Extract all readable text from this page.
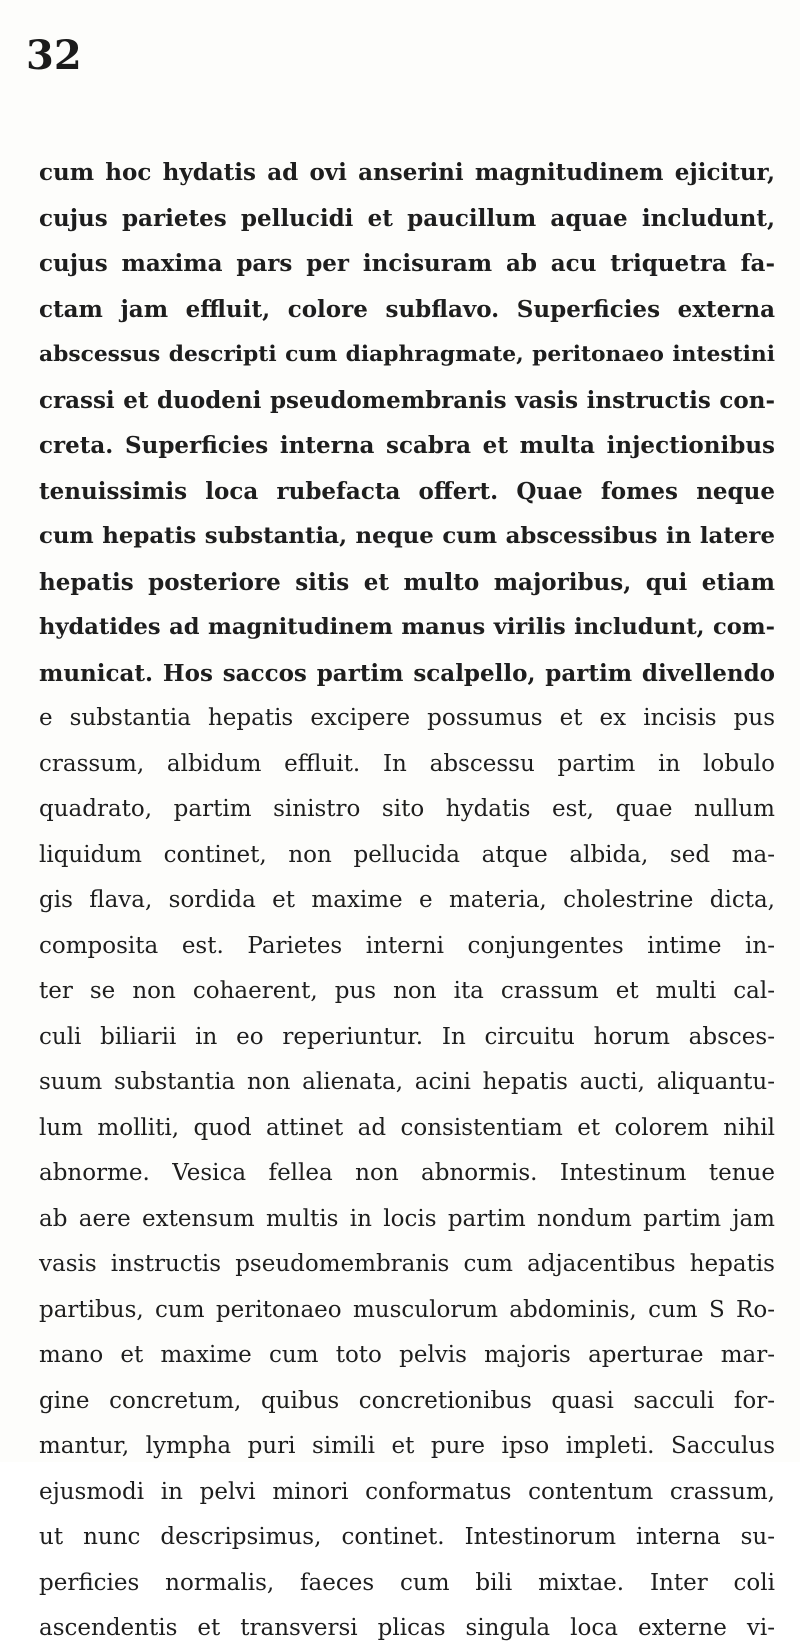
32
cum hoc hydatis ad ovi anserini magnitudinem ejicitur,
cujus parietes pellucidi et paucillum aquae includunt,
cujus maxima pars per incisuram ab acu triquetra fa-
ctam jam effluit, colore subflavo. Superficies externa
abscessus descripti cum diaphragmate, peritonaeo intestini
crassi et duodeni pseudomembranis vasis instructis con-
creta. Superficies interna scabra et multa injectionibus
tenuissimis loca rubefacta offert. Quae fomes neque
cum hepatis substantia, neque cum abscessibus in latere
hepatis posteriore sitis et multo majoribus, qui etiam
hydatides ad magnitudinem manus virilis includunt, com-
municat. Hos saccos partim scalpello, partim divellendo
e substantia hepatis excipere possumus et ex incisis pus
crassum, albidum effluit. In abscessu partim in lobulo
quadrato, partim sinistro sito hydatis est, quae nullum
liquidum continet, non pellucida atque albida, sed ma-
gis flava, sordida et maxime e materia, cholestrine dicta,
composita est. Parietes interni conjungentes intime in-
ter se non cohaerent, pus non ita crassum et multi cal-
culi biliarii in eo reperiuntur. In circuitu horum absces-
suum substantia non alienata, acini hepatis aucti, aliquantu-
lum molliti, quod attinet ad consistentiam et colorem nihil
abnorme. Vesica fellea non abnormis. Intestinum tenue
ab aere extensum multis in locis partim nondum partim jam
vasis instructis pseudomembranis cum adjacentibus hepatis
partibus, cum peritonaeo musculorum abdominis, cum S Ro-
mano et maxime cum toto pelvis majoris aperturae mar-
gine concretum, quibus concretionibus quasi sacculi for-
mantur, lympha puri simili et pure ipso impleti. Sacculus
ejusmodi in pelvi minori conformatus contentum crassum,
ut nunc descripsimus, continet. Intestinorum interna su-
perficies normalis, faeces cum bili mixtae. Inter coli
ascendentis et transversi plicas singula loca externe vi-
